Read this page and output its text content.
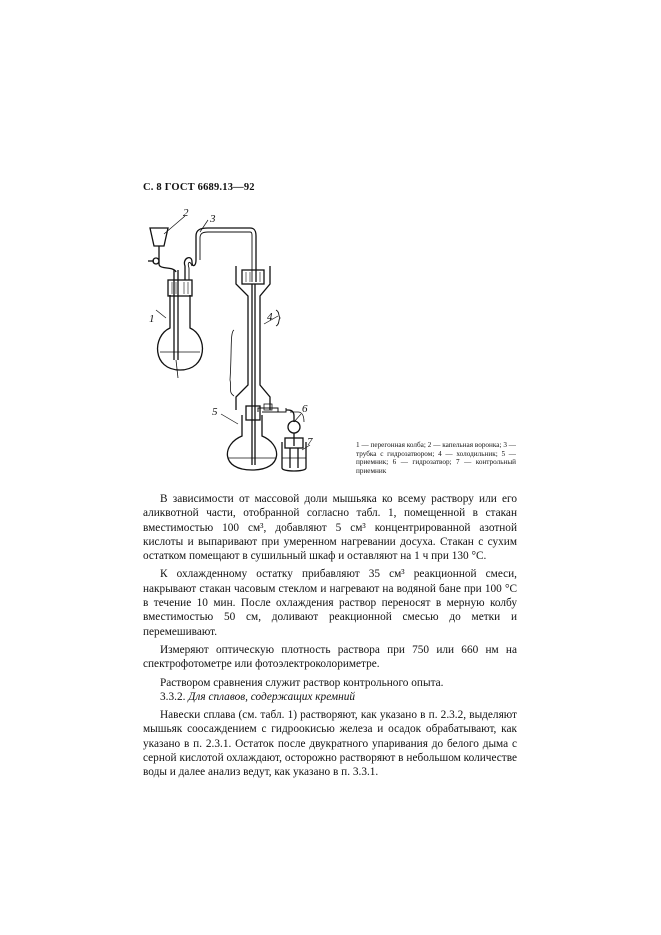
С. 8 ГОСТ 6689.13—92
1
2 3
4
5	6
7	1 — перегонная колба; 2 — капельная воронка; 3 — трубка с гидрозатвором; 4 — холодильник; 5 — приемник; 6 — гидрозатвор; 7 — контрольный приемник

В зависимости от массовой доли мышьяка ко всему раствору или его аликвотной части, отобранной согласно табл. 1, помещенной в стакан вместимостью 100 см³, добавляют 5 см³ концентрированной азотной кислоты и выпаривают при умеренном нагревании досуха. Стакан с сухим остатком помещают в сушильный шкаф и оставляют на 1 ч при 130 °С.

К охлажденному остатку прибавляют 35 см³ реакционной смеси, накрывают стакан часовым стеклом и нагревают на водяной бане при 100 °С в течение 10 мин. После охлаждения раствор переносят в мерную колбу вместимостью 50 см, доливают реакционной смесью до метки и перемешивают.

Измеряют оптическую плотность раствора при 750 или 660 нм на спектрофотометре или фотоэлектроколориметре.

Раствором сравнения служит раствор контрольного опыта.

3.3.2. Для сплавов, содержащих кремний

Навески сплава (см. табл. 1) растворяют, как указано в п. 2.3.2, выделяют мышьяк соосаждением с гидроокисью железа и осадок обрабатывают, как указано в п. 2.3.1. Остаток после двукратного упаривания до белого дыма с серной кислотой охлаждают, осторожно растворяют в небольшом количестве воды и далее анализ ведут, как указано в п. 3.3.1.
